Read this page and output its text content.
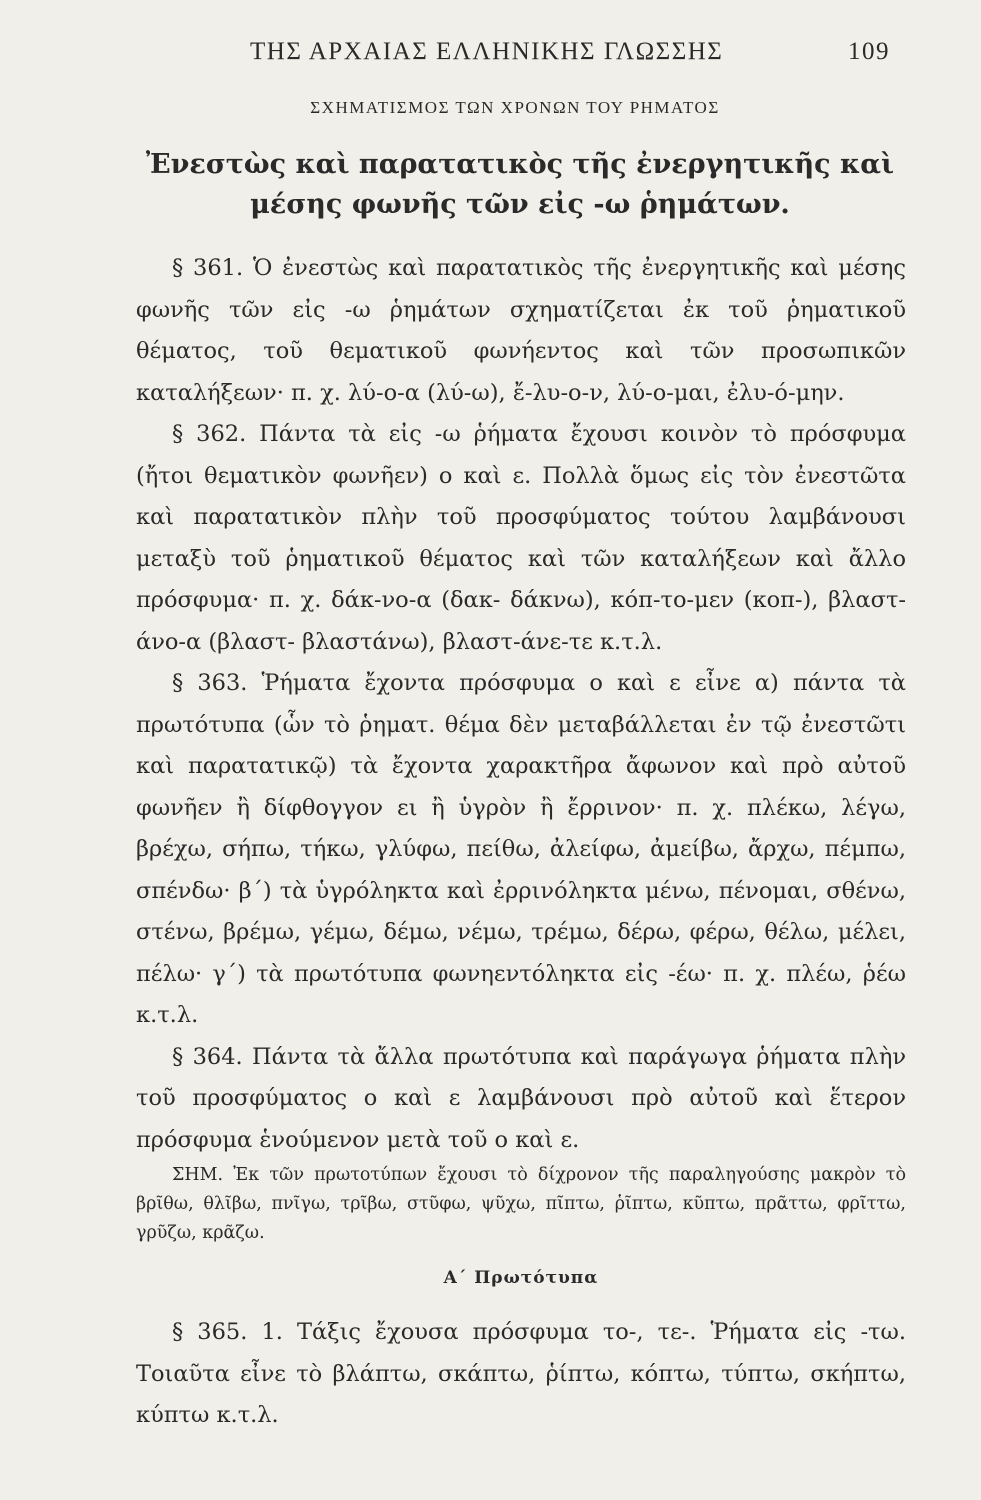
ΤΗΣ ΑΡΧΑΙΑΣ ΕΛΛΗΝΙΚΗΣ ΓΛΩΣΣΗΣ	109
ΣΧΗΜΑΤΙΣΜΟΣ ΤΩΝ ΧΡΟΝΩΝ ΤΟΥ ΡΗΜΑΤΟΣ
Ἐνεστὼς καὶ παρατατικὸς τῆς ἐνεργητικῆς καὶ μέσης φωνῆς τῶν εἰς -ω ῥημάτων.

§ 361. Ὁ ἐνεστὼς καὶ παρατατικὸς τῆς ἐνεργητικῆς καὶ μέσης φωνῆς τῶν εἰς -ω ῥημάτων σχηματίζεται ἐκ τοῦ ῥηματικοῦ θέματος, τοῦ θεματικοῦ φωνήεντος καὶ τῶν προσωπικῶν καταλήξεων· π. χ. λύ-ο-α (λύ-ω), ἔ-λυ-ο-ν, λύ-ο-μαι, ἐλυ-ό-μην.

§ 362. Πάντα τὰ εἰς -ω ῥήματα ἔχουσι κοινὸν τὸ πρόσφυμα (ἤτοι θεματικὸν φωνῆεν) ο καὶ ε. Πολλὰ ὅμως εἰς τὸν ἐνεστῶτα καὶ παρατατικὸν πλὴν τοῦ προσφύματος τούτου λαμβάνουσι μεταξὺ τοῦ ῥηματικοῦ θέματος καὶ τῶν καταλήξεων καὶ ἄλλο πρόσφυμα· π. χ. δάκ-νο-α (δακ- δάκνω), κόπ-το-μεν (κοπ-), βλαστ-άνο-α (βλαστ- βλαστάνω), βλαστ-άνε-τε κ.τ.λ.

§ 363. Ῥήματα ἔχοντα πρόσφυμα ο καὶ ε εἶνε α) πάντα τὰ πρωτότυπα (ὧν τὸ ῥηματ. θέμα δὲν μεταβάλλεται ἐν τῷ ἐνεστῶτι καὶ παρατατικῷ) τὰ ἔχοντα χαρακτῆρα ἄφωνον καὶ πρὸ αὐτοῦ φωνῆεν ἢ δίφθογγον ει ἢ ὑγρὸν ἢ ἔρρινον· π. χ. πλέκω, λέγω, βρέχω, σήπω, τήκω, γλύφω, πείθω, ἀλείφω, ἀμείβω, ἄρχω, πέμπω, σπένδω· β΄) τὰ ὑγρόληκτα καὶ ἐρρινόληκτα μένω, πένομαι, σθένω, στένω, βρέμω, γέμω, δέμω, νέμω, τρέμω, δέρω, φέρω, θέλω, μέλει, πέλω· γ΄) τὰ πρωτότυπα φωνηεντόληκτα εἰς -έω· π. χ. πλέω, ῥέω κ.τ.λ.

§ 364. Πάντα τὰ ἄλλα πρωτότυπα καὶ παράγωγα ῥήματα πλὴν τοῦ προσφύματος ο καὶ ε λαμβάνουσι πρὸ αὐτοῦ καὶ ἕτερον πρόσφυμα ἑνούμενον μετὰ τοῦ ο καὶ ε.

ΣΗΜ. Ἐκ τῶν πρωτοτύπων ἔχουσι τὸ δίχρονον τῆς παραληγούσης μακρὸν τὸ βρῖθω, θλῖβω, πνῖγω, τρῖβω, στῦφω, ψῦχω, πῖπτω, ῥῖπτω, κῦπτω, πρᾶττω, φρῖττω, γρῦζω, κρᾶζω.

Α΄ Πρωτότυπα

§ 365. 1. Τάξις ἔχουσα πρόσφυμα το-, τε-. Ῥήματα εἰς -τω. Τοιαῦτα εἶνε τὸ βλάπτω, σκάπτω, ῥίπτω, κόπτω, τύπτω, σκήπτω, κύπτω κ.τ.λ.
